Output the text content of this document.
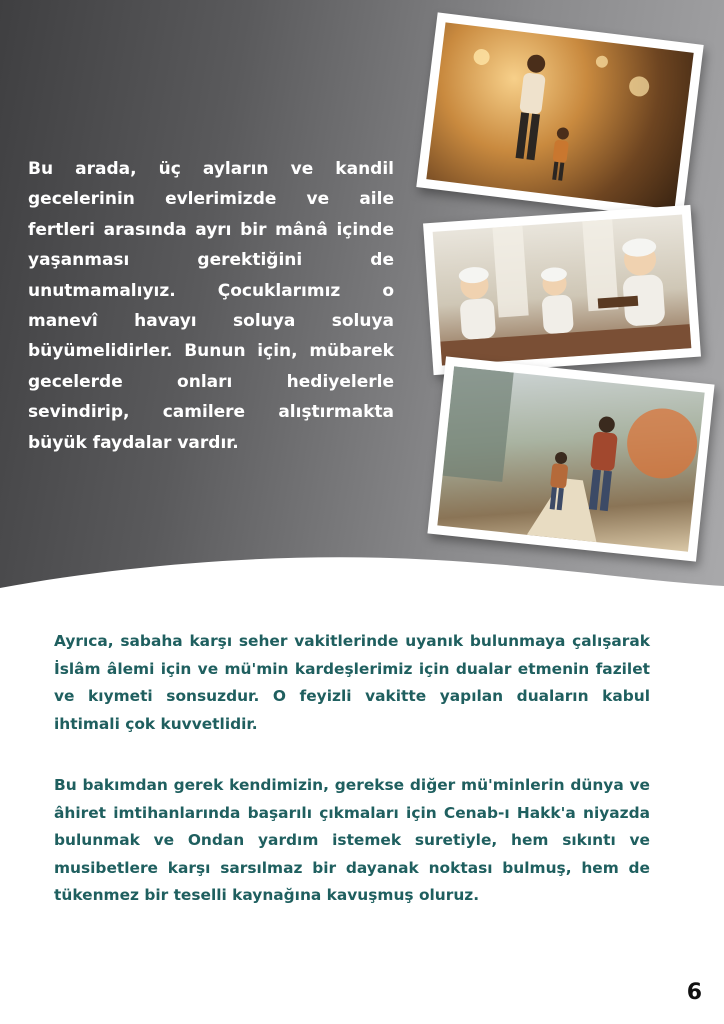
Bu arada, üç ayların ve kandil gecelerinin evlerimizde ve aile fertleri arasında ayrı bir mânâ içinde yaşanması gerektiğini de unutmamalıyız. Çocuklarımız o manevî havayı soluya soluya büyümelidirler. Bunun için, mübarek gecelerde onları hediyelerle sevindirip, camilere alıştırmakta büyük faydalar vardır.

Ayrıca, sabaha karşı seher vakitlerinde uyanık bulunmaya çalışarak İslâm âlemi için ve mü'min kardeşlerimiz için dualar etmenin fazilet ve kıymeti sonsuzdur. O feyizli vakitte yapılan duaların kabul ihtimali çok kuvvetlidir.

Bu bakımdan gerek kendimizin, gerekse diğer mü'minlerin dünya ve âhiret imtihanlarında başarılı çıkmaları için Cenab-ı Hakk'a niyazda bulunmak ve Ondan yardım istemek suretiyle, hem sıkıntı ve musibetlere karşı sarsılmaz bir dayanak noktası bulmuş, hem de tükenmez bir teselli kaynağına kavuşmuş oluruz.

6
